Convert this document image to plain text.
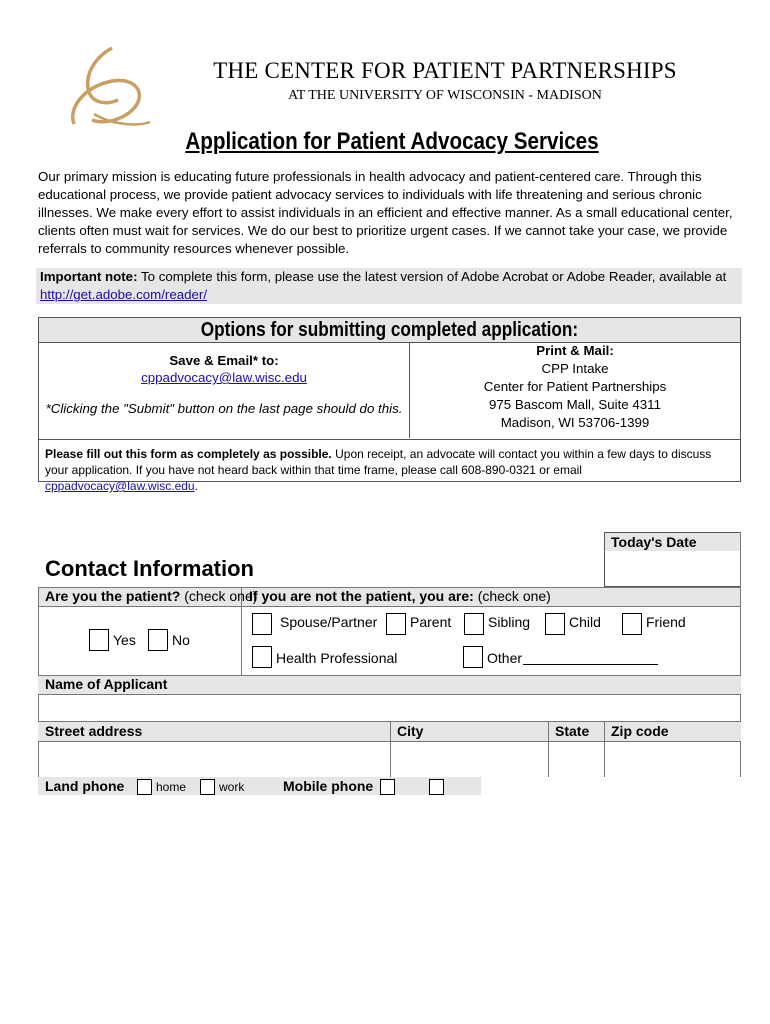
THE CENTER FOR PATIENT PARTNERSHIPS
AT THE UNIVERSITY OF WISCONSIN - MADISON
Application for Patient Advocacy Services
Our primary mission is educating future professionals in health advocacy and patient-centered care. Through this educational process, we provide patient advocacy services to individuals with life threatening and serious chronic illnesses. We make every effort to assist individuals in an efficient and effective manner. As a small educational center, clients often must wait for services. We do our best to prioritize urgent cases. If we cannot take your case, we provide referrals to community resources whenever possible.
Important note: To complete this form, please use the latest version of Adobe Acrobat or Adobe Reader, available at
http://get.adobe.com/reader/
Options for submitting completed application:
Save & Email* to:
cppadvocacy@law.wisc.edu
*Clicking the "Submit" button on the last page should do this.
Print & Mail:
CPP Intake
Center for Patient Partnerships
975 Bascom Mall, Suite 4311
Madison, WI 53706-1399
Please fill out this form as completely as possible. Upon receipt, an advocate will contact you within a few days to discuss your application. If you have not heard back within that time frame, please call 608-890-0321 or email cppadvocacy@law.wisc.edu.
Today's Date
Contact Information
Are you the patient? (check one)
If you are not the patient, you are: (check one)
Yes	No
Spouse/Partner Parent	Sibling	Child	Friend
Health Professional	Other
Name of Applicant
Street address	City	State Zip code
Land phone	home	work	Mobile phone
